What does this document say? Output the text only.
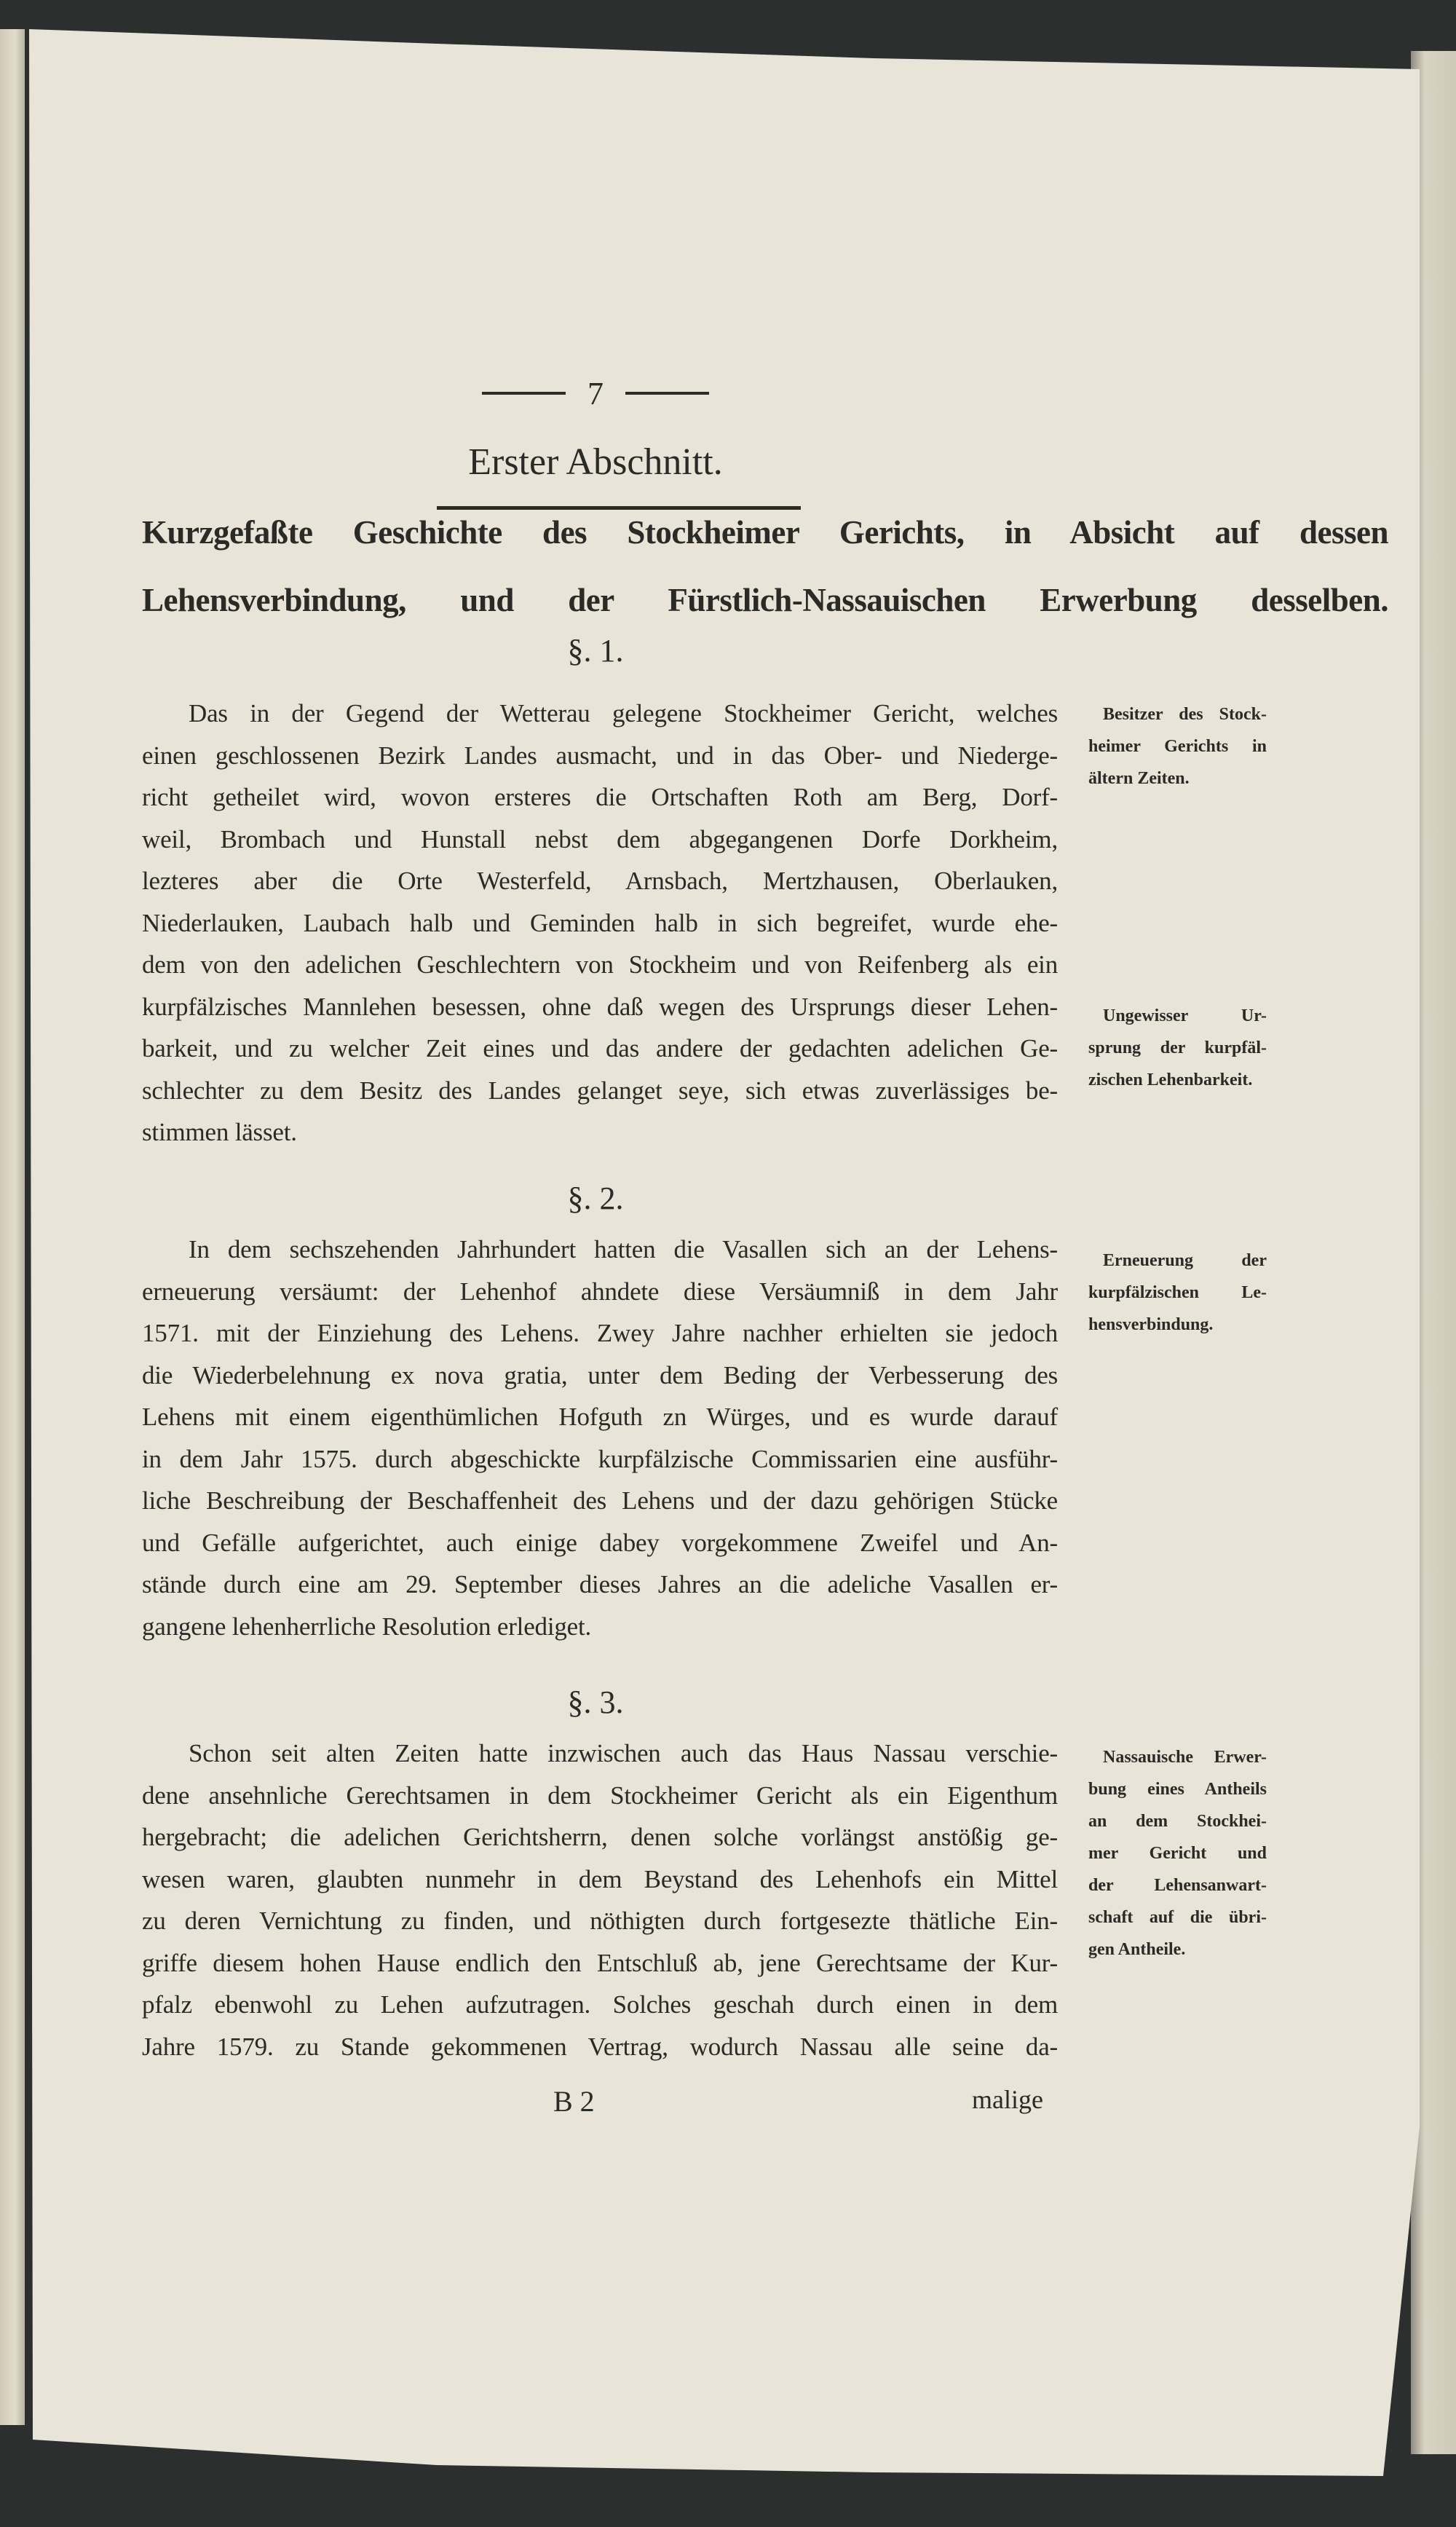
7
Erster Abschnitt.
Kurzgefaßte Geschichte des Stockheimer Gerichts, in Absicht auf dessen
Lehensverbindung, und der Fürstlich-Nassauischen Erwerbung desselben.
§. 1.
Das in der Gegend der Wetterau gelegene Stockheimer Gericht, welches
einen geschlossenen Bezirk Landes ausmacht, und in das Ober- und Niederge-
richt getheilet wird, wovon ersteres die Ortschaften Roth am Berg, Dorf-
weil, Brombach und Hunstall nebst dem abgegangenen Dorfe Dorkheim,
lezteres aber die Orte Westerfeld, Arnsbach, Mertzhausen, Oberlauken,
Niederlauken, Laubach halb und Geminden halb in sich begreifet, wurde ehe-
dem von den adelichen Geschlechtern von Stockheim und von Reifenberg als ein
kurpfälzisches Mannlehen besessen, ohne daß wegen des Ursprungs dieser Lehen-
barkeit, und zu welcher Zeit eines und das andere der gedachten adelichen Ge-
schlechter zu dem Besitz des Landes gelanget seye, sich etwas zuverlässiges be-
stimmen lässet.
§. 2.
In dem sechszehenden Jahrhundert hatten die Vasallen sich an der Lehens-
erneuerung versäumt: der Lehenhof ahndete diese Versäumniß in dem Jahr
1571. mit der Einziehung des Lehens. Zwey Jahre nachher erhielten sie jedoch
die Wiederbelehnung ex nova gratia, unter dem Beding der Verbesserung des
Lehens mit einem eigenthümlichen Hofguth zn Würges, und es wurde darauf
in dem Jahr 1575. durch abgeschickte kurpfälzische Commissarien eine ausführ-
liche Beschreibung der Beschaffenheit des Lehens und der dazu gehörigen Stücke
und Gefälle aufgerichtet, auch einige dabey vorgekommene Zweifel und An-
stände durch eine am 29. September dieses Jahres an die adeliche Vasallen er-
gangene lehenherrliche Resolution erlediget.
§. 3.
Schon seit alten Zeiten hatte inzwischen auch das Haus Nassau verschie-
dene ansehnliche Gerechtsamen in dem Stockheimer Gericht als ein Eigenthum
hergebracht; die adelichen Gerichtsherrn, denen solche vorlängst anstößig ge-
wesen waren, glaubten nunmehr in dem Beystand des Lehenhofs ein Mittel
zu deren Vernichtung zu finden, und nöthigten durch fortgesezte thätliche Ein-
griffe diesem hohen Hause endlich den Entschluß ab, jene Gerechtsame der Kur-
pfalz ebenwohl zu Lehen aufzutragen. Solches geschah durch einen in dem
Jahre 1579. zu Stande gekommenen Vertrag, wodurch Nassau alle seine da-
Besitzer des Stock-
heimer Gerichts in
ältern Zeiten.
Ungewisser Ur-
sprung der kurpfäl-
zischen Lehenbarkeit.
Erneuerung der
kurpfälzischen Le-
hensverbindung.
Nassauische Erwer-
bung eines Antheils
an dem Stockhei-
mer Gericht und
der Lehensanwart-
schaft auf die übri-
gen Antheile.
B 2	malige
